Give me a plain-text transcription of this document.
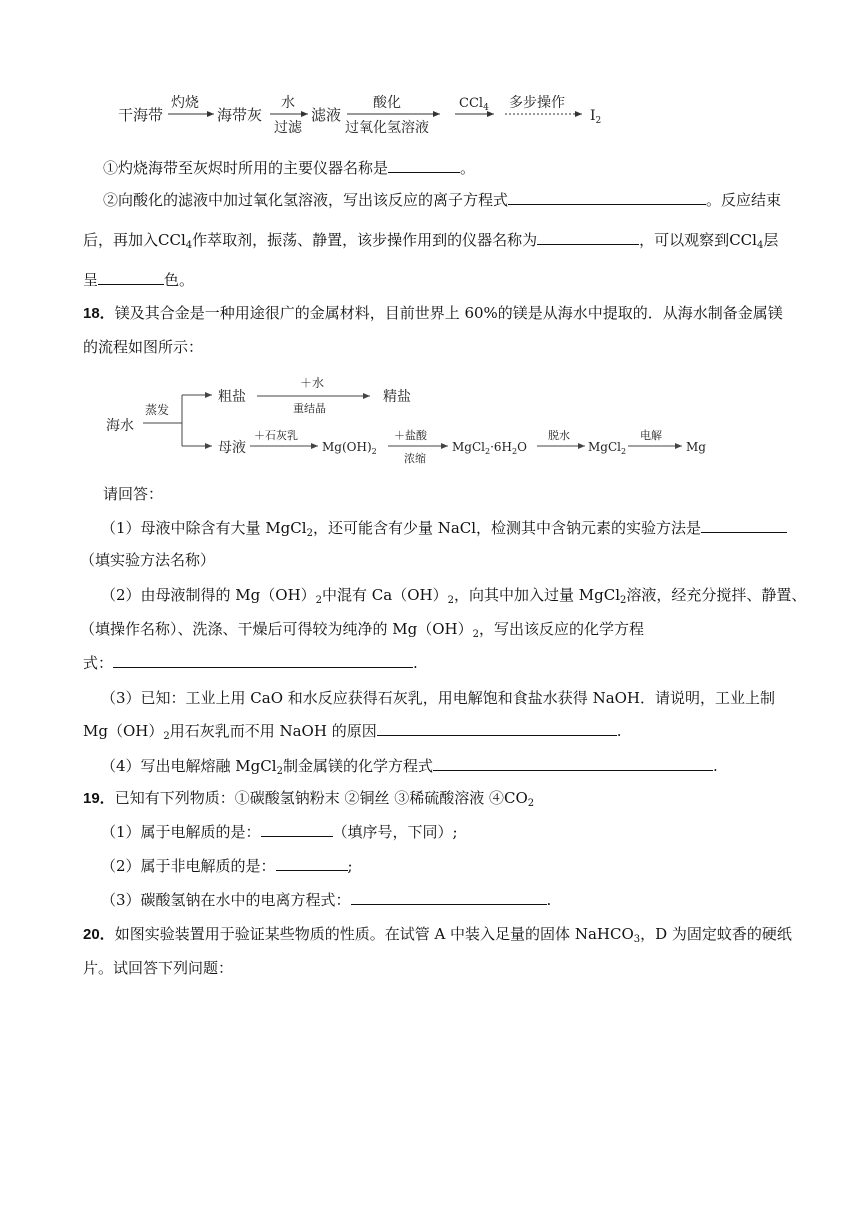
干海带
灼烧
海带灰
水
过滤
滤液
酸化
过氧化氢溶液
CCl$_4$ 多步操作
$I_2$
①灼烧海带至灰烬时所用的主要仪器名称是	。
②向酸化的滤液中加过氧化氢溶液，写出该反应的离子方程式	。反应结束
后，再加入CCl$_4$作萃取剂，振荡、静置，该步操作用到的仪器名称为	，可以观察到CCl$_4$层
呈	色。
18．镁及其合金是一种用途很广的金属材料，目前世界上 60%的镁是从海水中提取的．从海水制备金属镁
的流程如图所示：
海水
蒸发
粗盐
＋水
重结晶
精盐
母液
＋石灰乳
$Mg(OH)_2$
＋盐酸
浓缩
$MgCl_2\cdot 6H_2O$
脱水
MgCl$_2$
电解
Mg
请回答：
（1）母液中除含有大量 MgCl$_2$，还可能含有少量 NaCl，检测其中含钠元素的实验方法是
（填实验方法名称）
（2）由母液制得的 $Mg(OH)_2$中混有 $Ca(OH)_2$，向其中加入过量 MgCl$_2$溶液，经充分搅拌、静置、
（填操作名称）、洗涤、干燥后可得较为纯净的 $Mg(OH)_2$，写出该反应的化学方程
式：	.
（3）已知：工业上用 CaO 和水反应获得石灰乳，用电解饱和食盐水获得 NaOH．请说明，工业上制
$Mg(OH)_2$用石灰乳而不用 NaOH 的原因	.
（4）写出电解熔融 MgCl$_2$制金属镁的化学方程式	.
19．已知有下列物质：①碳酸氢钠粉末 ②铜丝 ③稀硫酸溶液 $④CO_2$
（1）属于电解质的是：	（填序号，下同）;
（2）属于非电解质的是：	;
（3）碳酸氢钠在水中的电离方程式：	.
20．如图实验装置用于验证某些物质的性质。在试管 A 中装入足量的固体 NaHCO$_3$，D 为固定蚊香的硬纸
片。试回答下列问题：
